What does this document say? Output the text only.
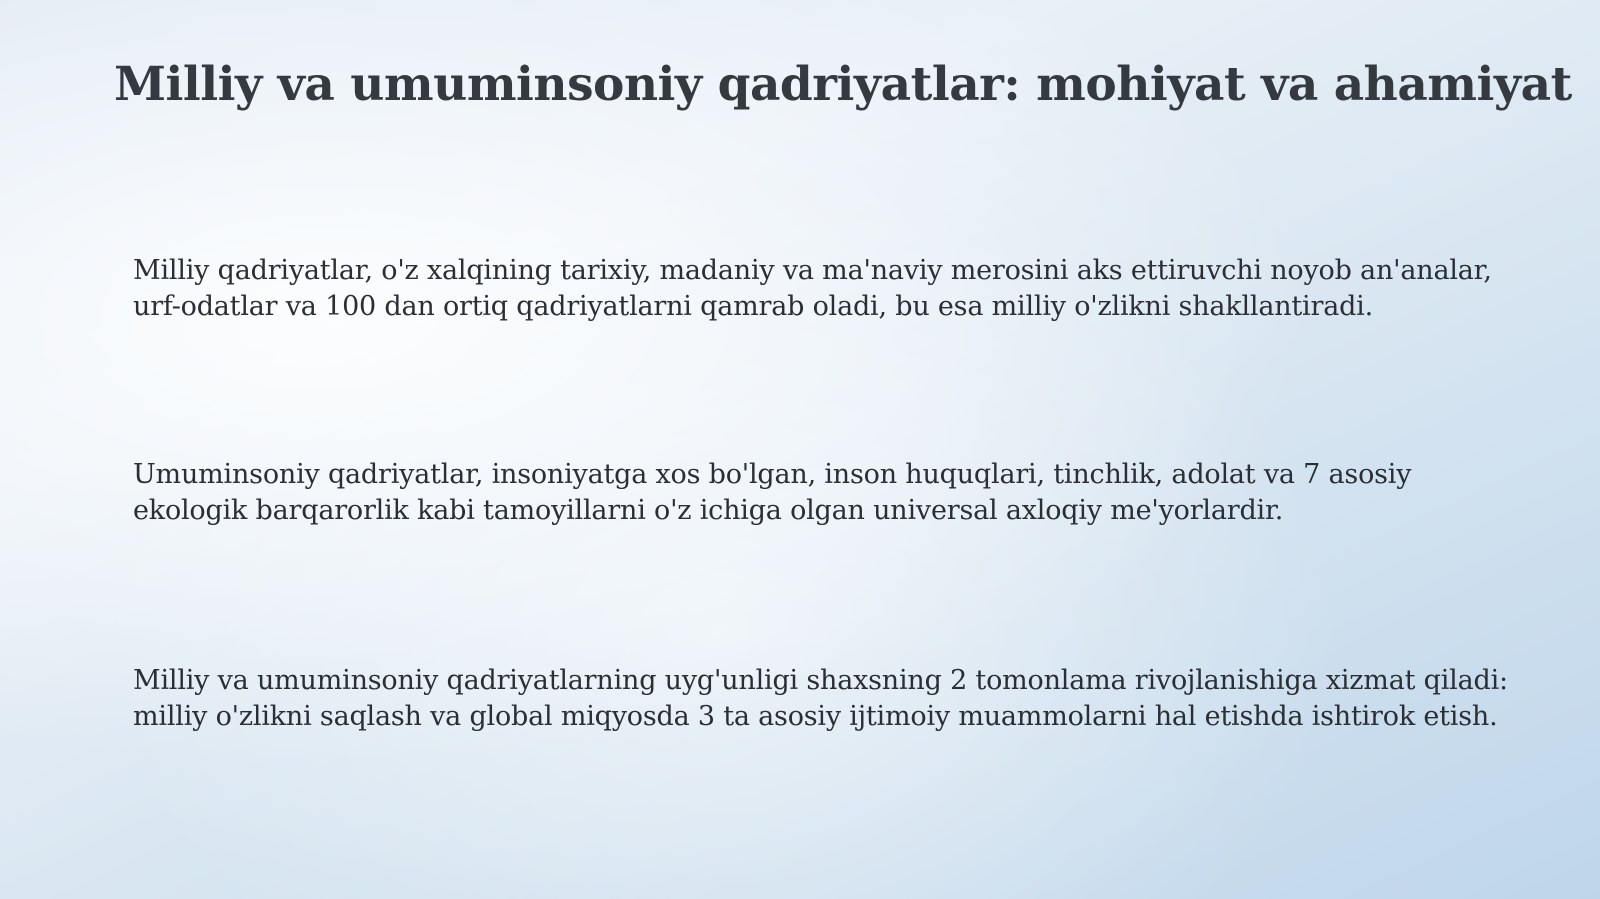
Milliy va umuminsoniy qadriyatlar: mohiyat va ahamiyat

Milliy qadriyatlar, o'z xalqining tarixiy, madaniy va ma'naviy merosini aks ettiruvchi noyob an'analar, urf-odatlar va 100 dan ortiq qadriyatlarni qamrab oladi, bu esa milliy o'zlikni shakllantiradi.

Umuminsoniy qadriyatlar, insoniyatga xos bo'lgan, inson huquqlari, tinchlik, adolat va 7 asosiy ekologik barqarorlik kabi tamoyillarni o'z ichiga olgan universal axloqiy me'yorlardir.

Milliy va umuminsoniy qadriyatlarning uyg'unligi shaxsning 2 tomonlama rivojlanishiga xizmat qiladi: milliy o'zlikni saqlash va global miqyosda 3 ta asosiy ijtimoiy muammolarni hal etishda ishtirok etish.
